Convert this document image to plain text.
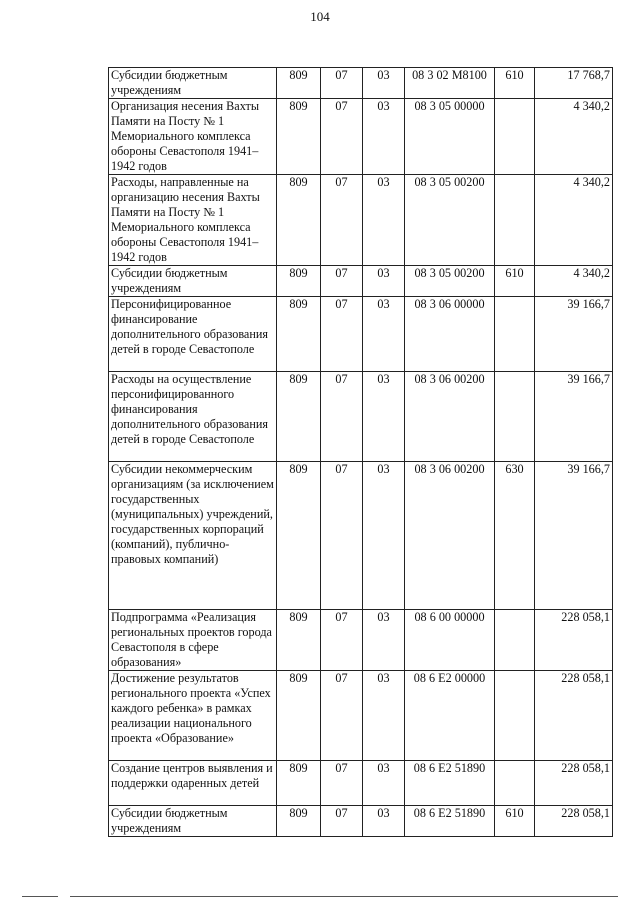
104
Субсидии бюджетным учреждениям	809	07	03	08 3 02 М8100	610	17 768,7
Организация несения Вахты Памяти на Посту № 1 Мемориального комплекса обороны Севастополя 1941–1942 годов	809	07	03	08 3 05 00000		4 340,2
Расходы, направленные на организацию несения Вахты Памяти на Посту № 1 Мемориального комплекса обороны Севастополя 1941–1942 годов	809	07	03	08 3 05 00200		4 340,2
Субсидии бюджетным учреждениям	809	07	03	08 3 05 00200	610	4 340,2
Персонифицированное финансирование дополнительного образования детей в городе Севастополе	809	07	03	08 3 06 00000		39 166,7
Расходы на осуществление персонифицированного финансирования дополнительного образования детей в городе Севастополе	809	07	03	08 3 06 00200		39 166,7
Субсидии некоммерческим организациям (за исключением государственных (муниципальных) учреждений, государственных корпораций (компаний), публично-правовых компаний)	809	07	03	08 3 06 00200	630	39 166,7
Подпрограмма «Реализация региональных проектов города Севастополя в сфере образования»	809	07	03	08 6 00 00000		228 058,1
Достижение результатов регионального проекта «Успех каждого ребенка» в рамках реализации национального проекта «Образование»	809	07	03	08 6 E2 00000		228 058,1
Создание центров выявления и поддержки одаренных детей	809	07	03	08 6 E2 51890		228 058,1
Субсидии бюджетным учреждениям	809	07	03	08 6 E2 51890	610	228 058,1
